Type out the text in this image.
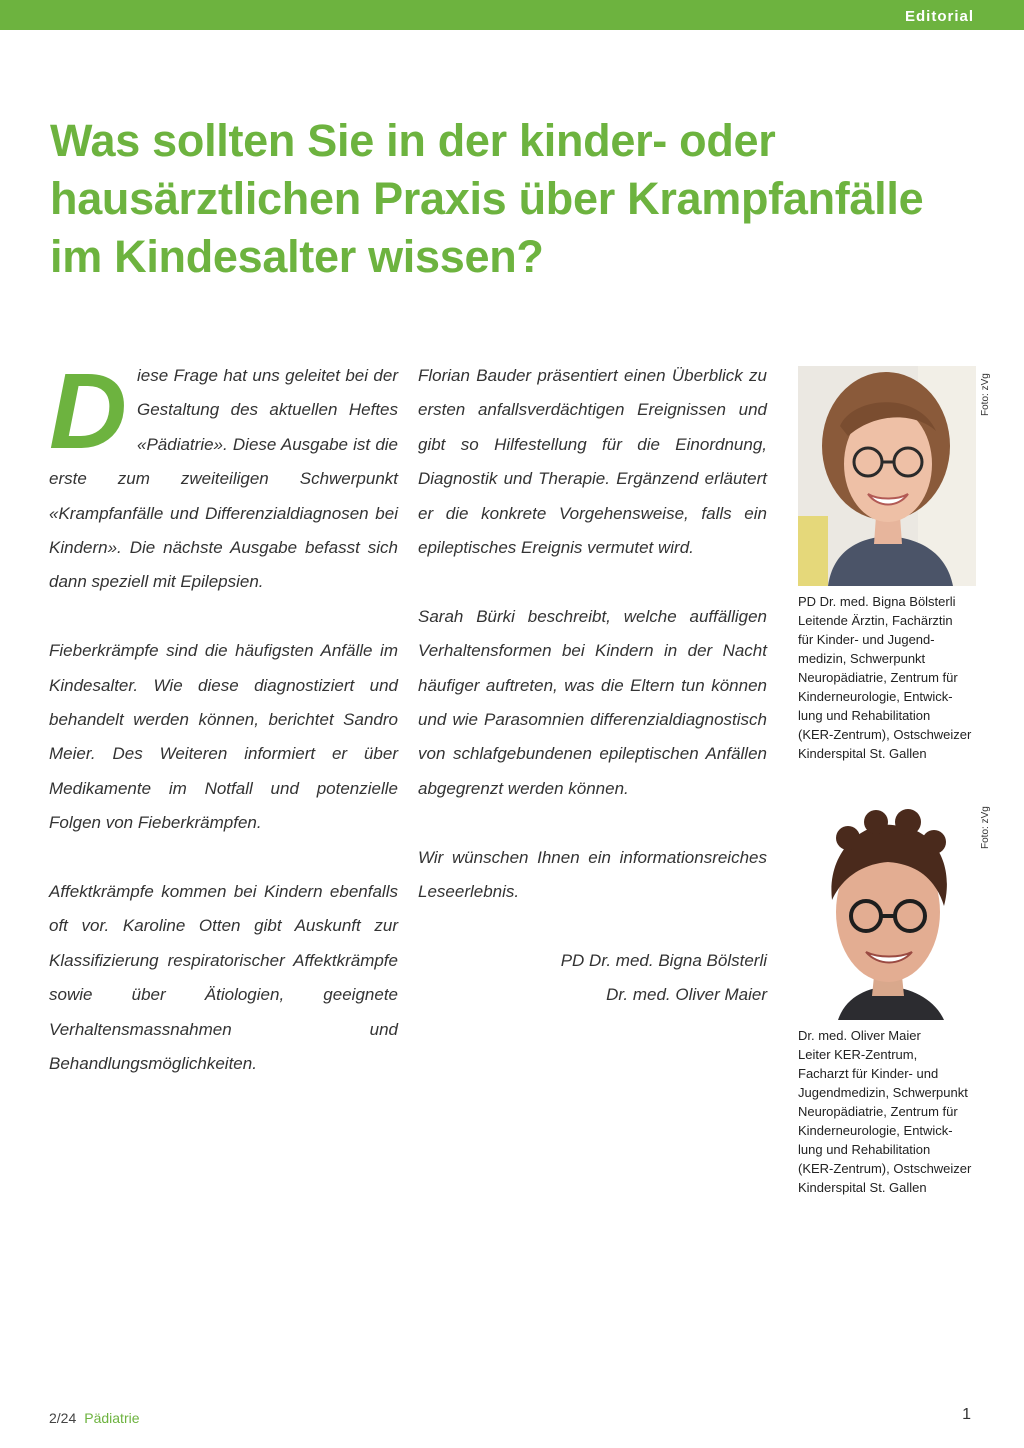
Editorial
Was sollten Sie in der kinder- oder hausärztlichen Praxis über Krampfanfälle im Kindesalter wissen?

Diese Frage hat uns geleitet bei der Gestaltung des aktuellen Heftes «Pädiatrie». Diese Ausgabe ist die erste zum zweiteiligen Schwerpunkt «Krampfanfälle und Differenzialdiagnosen bei Kindern». Die nächste Ausgabe befasst sich dann speziell mit Epilepsien.

Fieberkrämpfe sind die häufigsten Anfälle im Kindesalter. Wie diese diagnostiziert und behandelt werden können, berichtet Sandro Meier. Des Weiteren informiert er über Medikamente im Notfall und potenzielle Folgen von Fieberkrämpfen.

Affektkrämpfe kommen bei Kindern ebenfalls oft vor. Karoline Otten gibt Auskunft zur Klassifizierung respiratorischer Affektkrämpfe sowie über Ätiologien, geeignete Verhaltensmassnahmen und Behandlungsmöglichkeiten.

Florian Bauder präsentiert einen Überblick zu ersten anfallsverdächtigen Ereignissen und gibt so Hilfestellung für die Einordnung, Diagnostik und Therapie. Ergänzend erläutert er die konkrete Vorgehensweise, falls ein epileptisches Ereignis vermutet wird.

Sarah Bürki beschreibt, welche auffälligen Verhaltensformen bei Kindern in der Nacht häufiger auftreten, was die Eltern tun können und wie Parasomnien differenzialdiagnostisch von schlafgebundenen epileptischen Anfällen abgegrenzt werden können.

Wir wünschen Ihnen ein informationsreiches Leseerlebnis.

PD Dr. med. Bigna Bölsterli
Dr. med. Oliver Maier
Foto: zVg
PD Dr. med. Bigna Bölsterli
Leitende Ärztin, Fachärztin
für Kinder- und Jugend-
medizin, Schwerpunkt
Neuropädiatrie, Zentrum für
Kinderneurologie, Entwick-
lung und Rehabilitation
(KER-Zentrum), Ostschweizer
Kinderspital St. Gallen
Foto: zVg
Dr. med. Oliver Maier
Leiter KER-Zentrum,
Facharzt für Kinder- und
Jugendmedizin, Schwerpunkt
Neuropädiatrie, Zentrum für
Kinderneurologie, Entwick-
lung und Rehabilitation
(KER-Zentrum), Ostschweizer
Kinderspital St. Gallen
2/24 Pädiatrie	1
